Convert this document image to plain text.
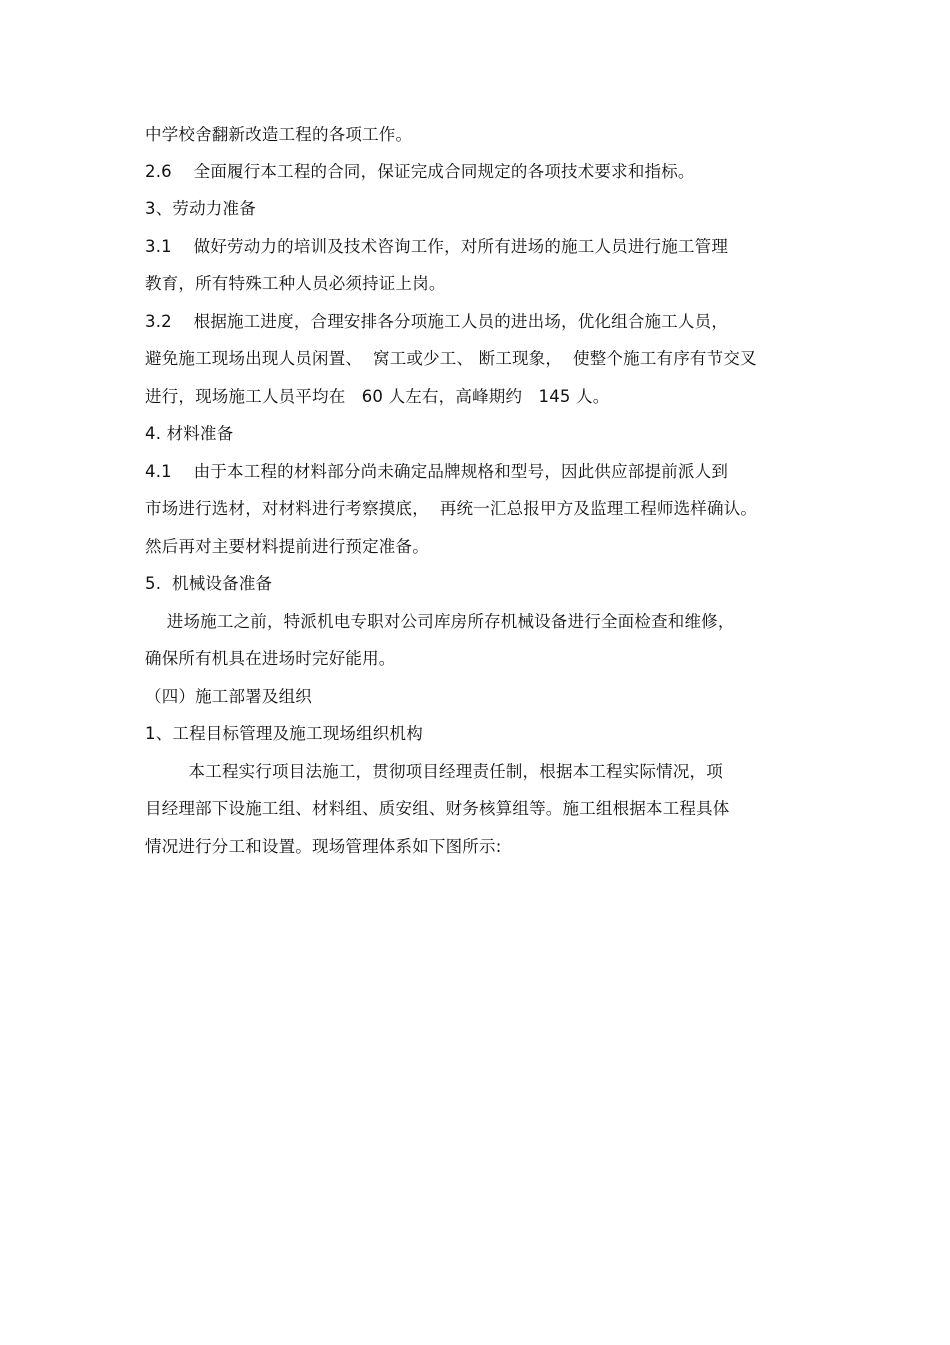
中学校舍翻新改造工程的各项工作。
2.6    全面履行本工程的合同，保证完成合同规定的各项技术要求和指标。
3、劳动力准备
3.1    做好劳动力的培训及技术咨询工作，对所有进场的施工人员进行施工管理
教育，所有特殊工种人员必须持证上岗。
3.2    根据施工进度，合理安排各分项施工人员的进出场，优化组合施工人员，
避免施工现场出现人员闲置、  窝工或少工、 断工现象，  使整个施工有序有节交叉
进行，现场施工人员平均在   60 人左右，高峰期约   145 人。
4. 材料准备
4.1    由于本工程的材料部分尚未确定品牌规格和型号，因此供应部提前派人到
市场进行选材，对材料进行考察摸底，  再统一汇总报甲方及监理工程师选样确认。
然后再对主要材料提前进行预定准备。
5.  机械设备准备
进场施工之前，特派机电专职对公司库房所存机械设备进行全面检查和维修，
确保所有机具在进场时完好能用。
（四）施工部署及组织
1、工程目标管理及施工现场组织机构
本工程实行项目法施工，贯彻项目经理责任制，根据本工程实际情况，项
目经理部下设施工组、材料组、质安组、财务核算组等。施工组根据本工程具体
情况进行分工和设置。现场管理体系如下图所示:
